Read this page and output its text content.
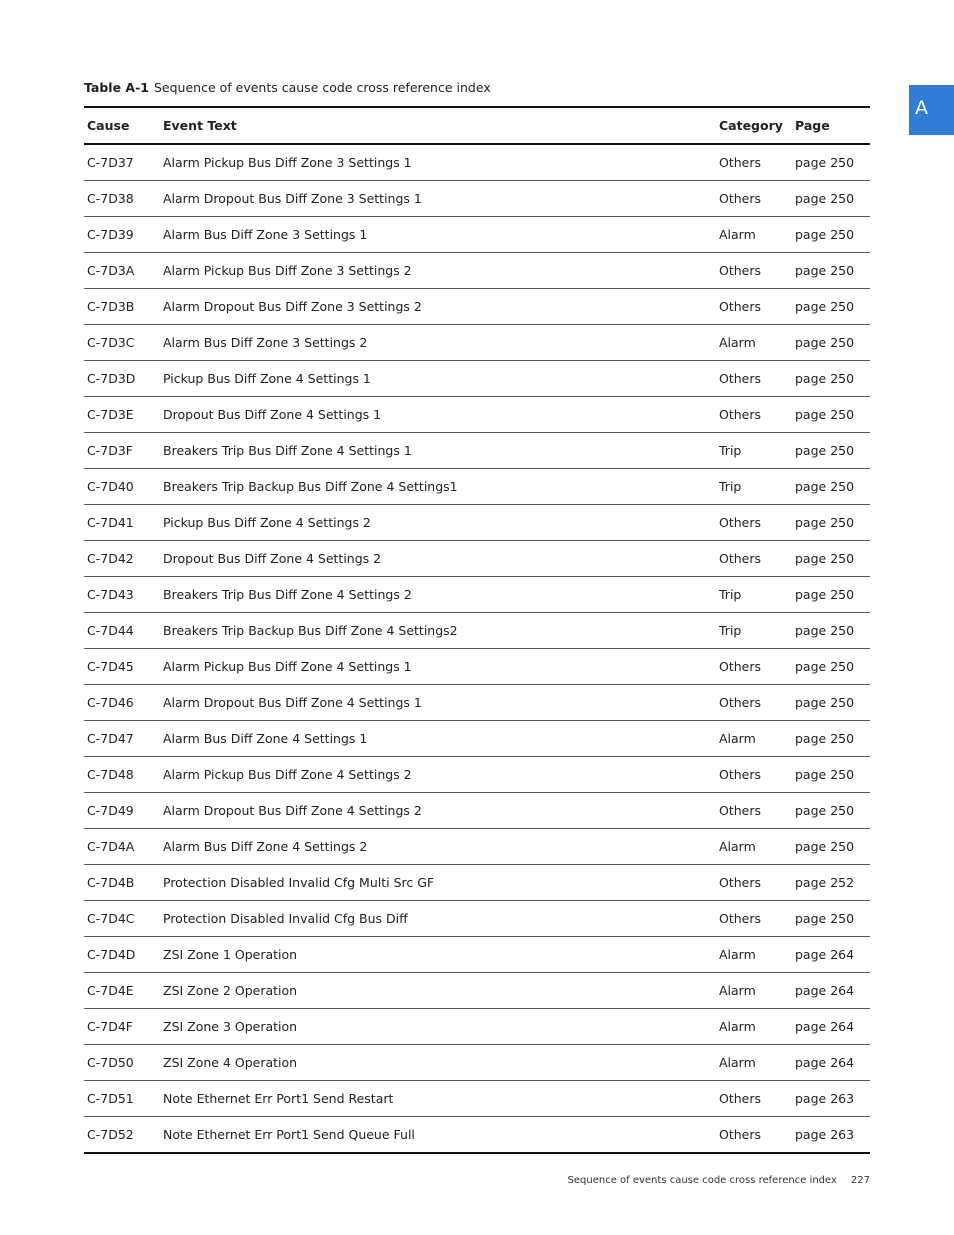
A
Table A-1 Sequence of events cause code cross reference index
Cause	Event Text	Category	Page
C-7D37	Alarm Pickup Bus Diff Zone 3 Settings 1	Others	page 250
C-7D38	Alarm Dropout Bus Diff Zone 3 Settings 1	Others	page 250
C-7D39	Alarm Bus Diff Zone 3 Settings 1	Alarm	page 250
C-7D3A	Alarm Pickup Bus Diff Zone 3 Settings 2	Others	page 250
C-7D3B	Alarm Dropout Bus Diff Zone 3 Settings 2	Others	page 250
C-7D3C	Alarm Bus Diff Zone 3 Settings 2	Alarm	page 250
C-7D3D	Pickup Bus Diff Zone 4 Settings 1	Others	page 250
C-7D3E	Dropout Bus Diff Zone 4 Settings 1	Others	page 250
C-7D3F	Breakers Trip Bus Diff Zone 4 Settings 1	Trip	page 250
C-7D40	Breakers Trip Backup Bus Diff Zone 4 Settings1	Trip	page 250
C-7D41	Pickup Bus Diff Zone 4 Settings 2	Others	page 250
C-7D42	Dropout Bus Diff Zone 4 Settings 2	Others	page 250
C-7D43	Breakers Trip Bus Diff Zone 4 Settings 2	Trip	page 250
C-7D44	Breakers Trip Backup Bus Diff Zone 4 Settings2	Trip	page 250
C-7D45	Alarm Pickup Bus Diff Zone 4 Settings 1	Others	page 250
C-7D46	Alarm Dropout Bus Diff Zone 4 Settings 1	Others	page 250
C-7D47	Alarm Bus Diff Zone 4 Settings 1	Alarm	page 250
C-7D48	Alarm Pickup Bus Diff Zone 4 Settings 2	Others	page 250
C-7D49	Alarm Dropout Bus Diff Zone 4 Settings 2	Others	page 250
C-7D4A	Alarm Bus Diff Zone 4 Settings 2	Alarm	page 250
C-7D4B	Protection Disabled Invalid Cfg Multi Src GF	Others	page 252
C-7D4C	Protection Disabled Invalid Cfg Bus Diff	Others	page 250
C-7D4D	ZSI Zone 1 Operation	Alarm	page 264
C-7D4E	ZSI Zone 2 Operation	Alarm	page 264
C-7D4F	ZSI Zone 3 Operation	Alarm	page 264
C-7D50	ZSI Zone 4 Operation	Alarm	page 264
C-7D51	Note Ethernet Err Port1 Send Restart	Others	page 263
C-7D52	Note Ethernet Err Port1 Send Queue Full	Others	page 263
Sequence of events cause code cross reference index 227
